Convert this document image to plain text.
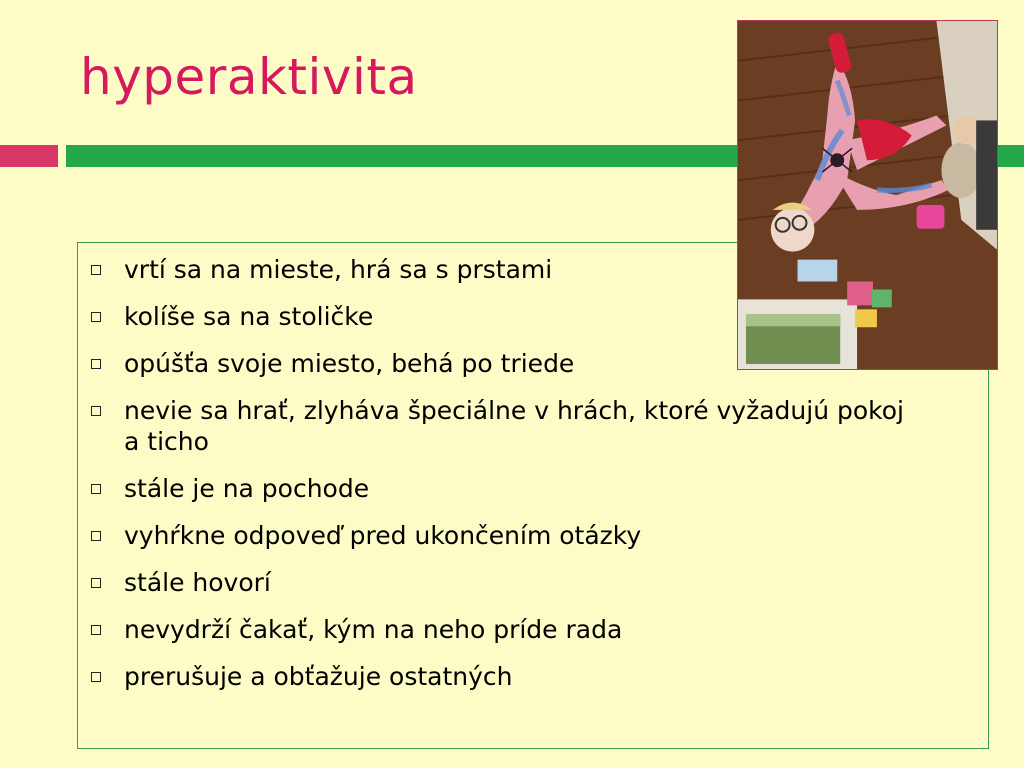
hyperaktivita
vrtí sa na mieste, hrá sa s prstami
kolíše sa na stoličke
opúšťa svoje miesto, behá po triede
nevie sa hrať, zlyháva špeciálne v hrách, ktoré vyžadujú pokoj a ticho
stále je na pochode
vyhŕkne odpoveď pred ukončením otázky
stále hovorí
nevydrží čakať, kým na neho príde rada
prerušuje a obťažuje ostatných
